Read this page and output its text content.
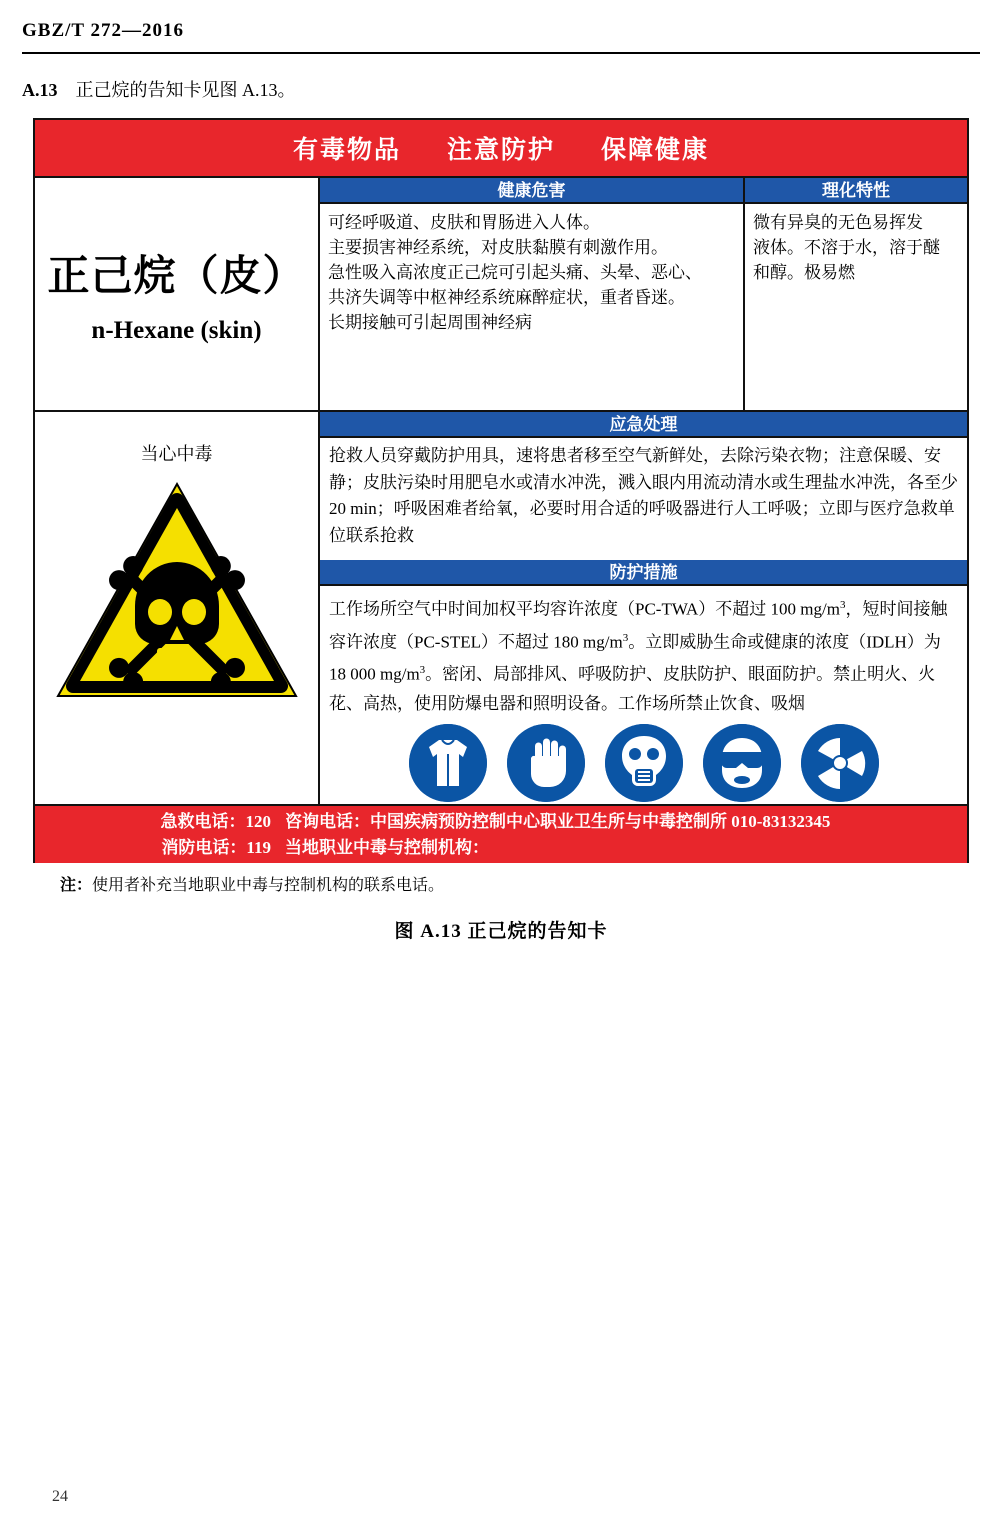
GBZ/T 272—2016
A.13 正己烷的告知卡见图 A.13。
有毒物品 注意防护 保障健康
正己烷（皮）
n-Hexane (skin)
健康危害

可经呼吸道、皮肤和胃肠进入人体。

主要损害神经系统，对皮肤黏膜有刺激作用。

急性吸入高浓度正己烷可引起头痛、头晕、恶心、

共济失调等中枢神经系统麻醉症状，重者昏迷。

长期接触可引起周围神经病

理化特性

微有异臭的无色易挥发

液体。不溶于水，溶于醚

和醇。极易燃

当心中毒
应急处理
抢救人员穿戴防护用具，速将患者移至空气新鲜处，去除污染衣物；注意保暖、安静；皮肤污染时用肥皂水或清水冲洗，溅入眼内用流动清水或生理盐水冲洗，各至少 20 min；呼吸困难者给氧，必要时用合适的呼吸器进行人工呼吸；立即与医疗急救单位联系抢救
防护措施
工作场所空气中时间加权平均容许浓度（PC-TWA）不超过 100 $mg/m^3$，短时间接触容许浓度（PC-STEL）不超过 180 $mg/m^3$。立即威胁生命或健康的浓度（IDLH）为 18 000 $mg/m^3$。密闭、局部排风、呼吸防护、皮肤防护、眼面防护。禁止明火、火花、高热，使用防爆电器和照明设备。工作场所禁止饮食、吸烟
急救电话：120
消防电话：119
咨询电话：中国疾病预防控制中心职业卫生所与中毒控制所 010-83132345
当地职业中毒与控制机构：
注：使用者补充当地职业中毒与控制机构的联系电话。
图 A.13 正己烷的告知卡
24
